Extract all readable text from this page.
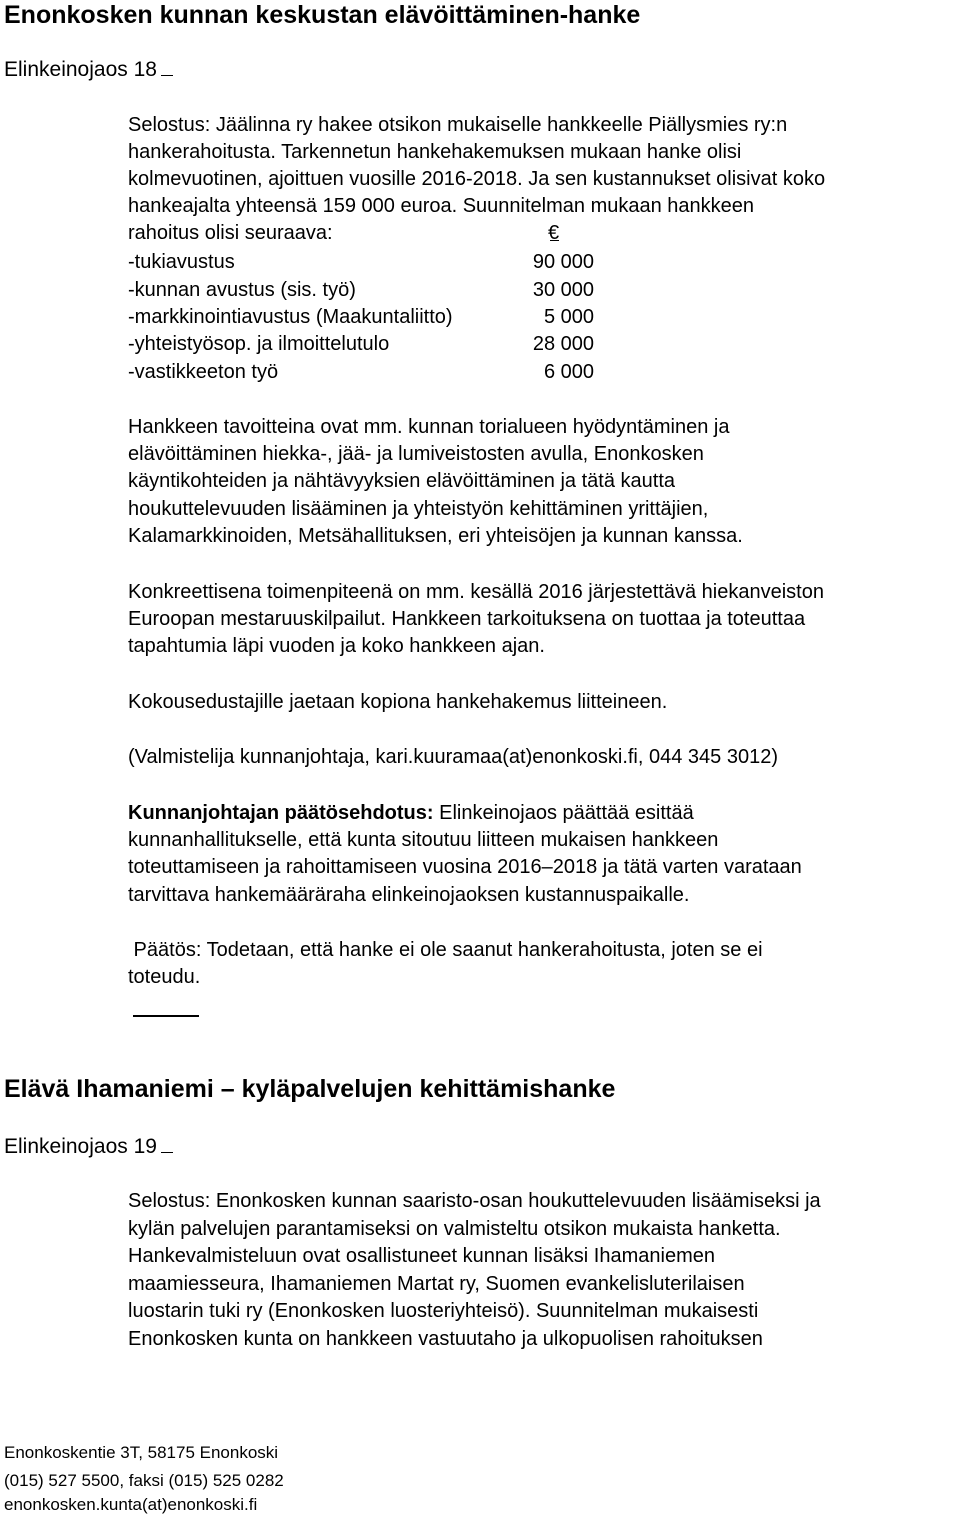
Enonkosken kunnan keskustan elävöittäminen-hanke
Elinkeinojaos 18
Selostus: Jäälinna ry hakee otsikon mukaiselle hankkeelle Piällysmies ry:n
hankerahoitusta. Tarkennetun hankehakemuksen mukaan hanke olisi
kolmevuotinen, ajoittuen vuosille 2016-2018. Ja sen kustannukset olisivat koko
hankeajalta yhteensä 159 000 euroa. Suunnitelman mukaan hankkeen
rahoitus olisi seuraava:	€
-tukiavustus	90 000
-kunnan avustus (sis. työ)	30 000
-markkinointiavustus (Maakuntaliitto)	5 000
-yhteistyösop. ja ilmoittelutulo	28 000
-vastikkeeton työ	6 000
Hankkeen tavoitteina ovat mm. kunnan torialueen hyödyntäminen ja
elävöittäminen hiekka-, jää- ja lumiveistosten avulla, Enonkosken
käyntikohteiden ja nähtävyyksien elävöittäminen ja tätä kautta
houkuttelevuuden lisääminen ja yhteistyön kehittäminen yrittäjien,
Kalamarkkinoiden, Metsähallituksen, eri yhteisöjen ja kunnan kanssa.
Konkreettisena toimenpiteenä on mm. kesällä 2016 järjestettävä hiekanveiston
Euroopan mestaruuskilpailut. Hankkeen tarkoituksena on tuottaa ja toteuttaa
tapahtumia läpi vuoden ja koko hankkeen ajan.
Kokousedustajille jaetaan kopiona hankehakemus liitteineen.
(Valmistelija kunnanjohtaja, kari.kuuramaa(at)enonkoski.fi, 044 345 3012)
Kunnanjohtajan päätösehdotus: Elinkeinojaos päättää esittää
kunnanhallitukselle, että kunta sitoutuu liitteen mukaisen hankkeen
toteuttamiseen ja rahoittamiseen vuosina 2016–2018 ja tätä varten varataan
tarvittava hankemääräraha elinkeinojaoksen kustannuspaikalle.
Päätös: Todetaan, että hanke ei ole saanut hankerahoitusta, joten se ei
toteudu.
Elävä Ihamaniemi – kyläpalvelujen kehittämishanke
Elinkeinojaos 19
Selostus: Enonkosken kunnan saaristo-osan houkuttelevuuden lisäämiseksi ja
kylän palvelujen parantamiseksi on valmisteltu otsikon mukaista hanketta.
Hankevalmisteluun ovat osallistuneet kunnan lisäksi Ihamaniemen
maamiesseura, Ihamaniemen Martat ry, Suomen evankelisluterilaisen
luostarin tuki ry (Enonkosken luosteriyhteisö). Suunnitelman mukaisesti
Enonkosken kunta on hankkeen vastuutaho ja ulkopuolisen rahoituksen
Enonkoskentie 3T, 58175 Enonkoski
(015) 527 5500, faksi (015) 525 0282
enonkosken.kunta(at)enonkoski.fi
